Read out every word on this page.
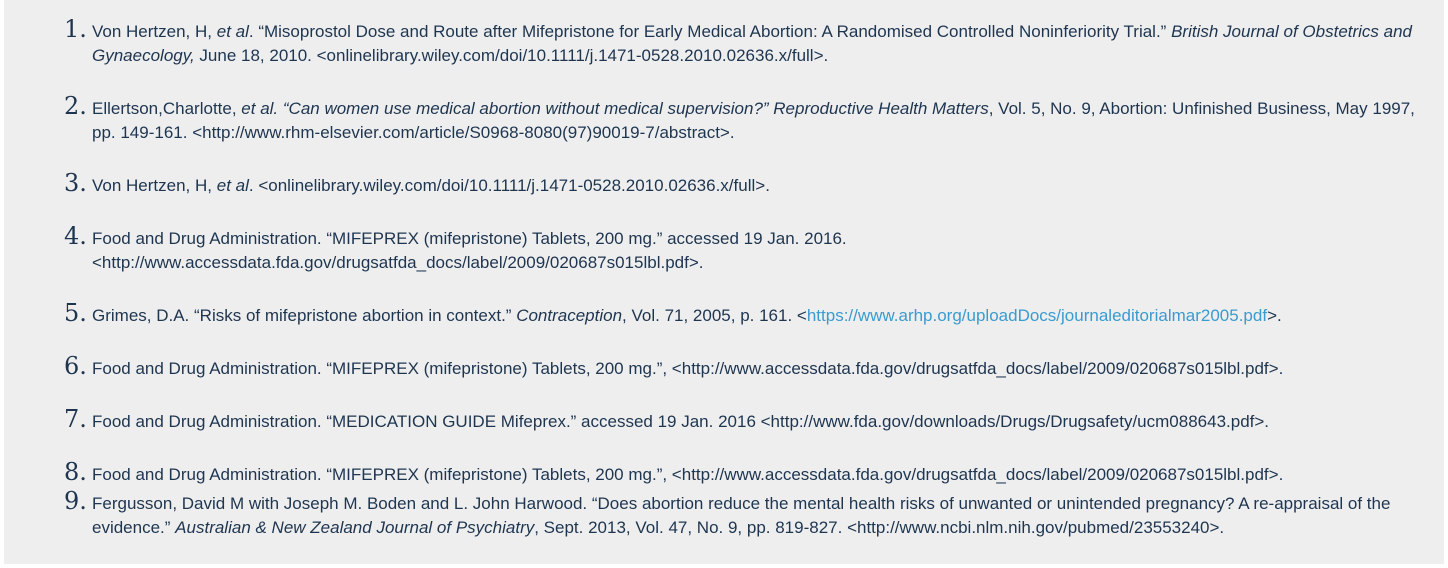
1. Von Hertzen, H, et al. “Misoprostol Dose and Route after Mifepristone for Early Medical Abortion: A Randomised Controlled Noninferiority Trial.” British Journal of Obstetrics and Gynaecology, June 18, 2010. <onlinelibrary.wiley.com/doi/10.1111/j.1471-0528.2010.02636.x/full>.
2. Ellertson,Charlotte, et al. “Can women use medical abortion without medical supervision?” Reproductive Health Matters, Vol. 5, No. 9, Abortion: Unfinished Business, May 1997, pp. 149-161. <http://www.rhm-elsevier.com/article/S0968-8080(97)90019-7/abstract>.
3. Von Hertzen, H, et al. <onlinelibrary.wiley.com/doi/10.1111/j.1471-0528.2010.02636.x/full>.
4. Food and Drug Administration. “MIFEPREX (mifepristone) Tablets, 200 mg.” accessed 19 Jan. 2016.
<http://www.accessdata.fda.gov/drugsatfda_docs/label/2009/020687s015lbl.pdf>.
5. Grimes, D.A. “Risks of mifepristone abortion in context.” Contraception, Vol. 71, 2005, p. 161. <https://www.arhp.org/uploadDocs/journaleditorialmar2005.pdf>.
6. Food and Drug Administration. “MIFEPREX (mifepristone) Tablets, 200 mg.”, <http://www.accessdata.fda.gov/drugsatfda_docs/label/2009/020687s015lbl.pdf>.
7. Food and Drug Administration. “MEDICATION GUIDE Mifeprex.” accessed 19 Jan. 2016 <http://www.fda.gov/downloads/Drugs/Drugsafety/ucm088643.pdf>.
8. Food and Drug Administration. “MIFEPREX (mifepristone) Tablets, 200 mg.”, <http://www.accessdata.fda.gov/drugsatfda_docs/label/2009/020687s015lbl.pdf>.
9. Fergusson, David M with Joseph M. Boden and L. John Harwood. “Does abortion reduce the mental health risks of unwanted or unintended pregnancy? A re-appraisal of the evidence.” Australian & New Zealand Journal of Psychiatry, Sept. 2013, Vol. 47, No. 9, pp. 819-827. <http://www.ncbi.nlm.nih.gov/pubmed/23553240>.
